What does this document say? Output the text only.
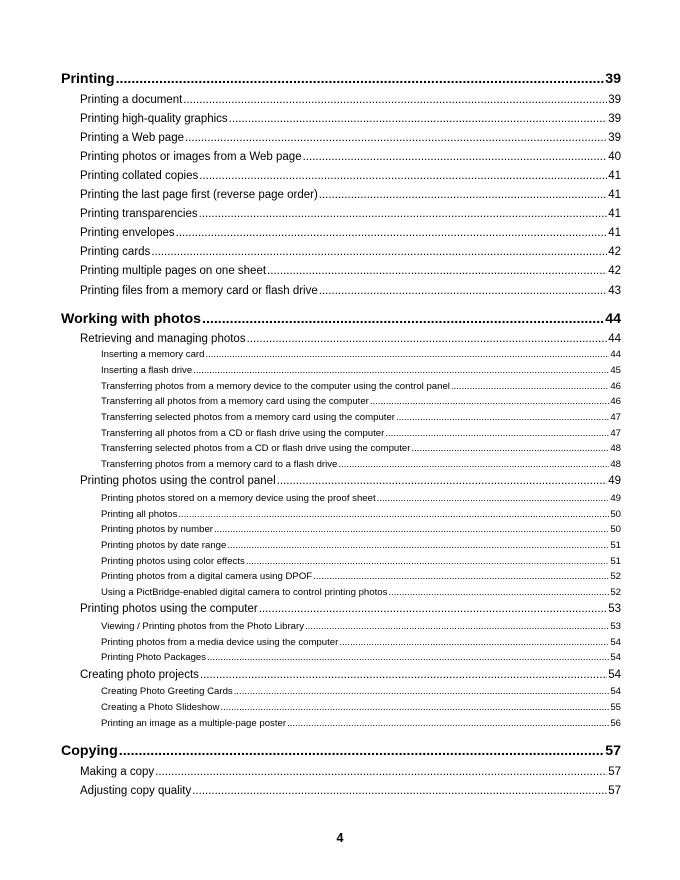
Printing .....	39
Printing a document .....	39
Printing high-quality graphics .....	39
Printing a Web page .....	39
Printing photos or images from a Web page .....	40
Printing collated copies .....	41
Printing the last page first (reverse page order) .....	41
Printing transparencies .....	41
Printing envelopes .....	41
Printing cards .....	42
Printing multiple pages on one sheet .....	42
Printing files from a memory card or flash drive .....	43
Working with photos .....	44
Retrieving and managing photos .....	44
Inserting a memory card .....	44
Inserting a flash drive .....	45
Transferring photos from a memory device to the computer using the control panel .....	46
Transferring all photos from a memory card using the computer .....	46
Transferring selected photos from a memory card using the computer .....	47
Transferring all photos from a CD or flash drive using the computer .....	47
Transferring selected photos from a CD or flash drive using the computer .....	48
Transferring photos from a memory card to a flash drive .....	48
Printing photos using the control panel .....	49
Printing photos stored on a memory device using the proof sheet .....	49
Printing all photos .....	50
Printing photos by number .....	50
Printing photos by date range .....	51
Printing photos using color effects .....	51
Printing photos from a digital camera using DPOF .....	52
Using a PictBridge-enabled digital camera to control printing photos .....	52
Printing photos using the computer .....	53
Viewing / Printing photos from the Photo Library .....	53
Printing photos from a media device using the computer .....	54
Printing Photo Packages .....	54
Creating photo projects .....	54
Creating Photo Greeting Cards .....	54
Creating a Photo Slideshow .....	55
Printing an image as a multiple-page poster .....	56
Copying .....	57
Making a copy .....	57
Adjusting copy quality .....	57
4
